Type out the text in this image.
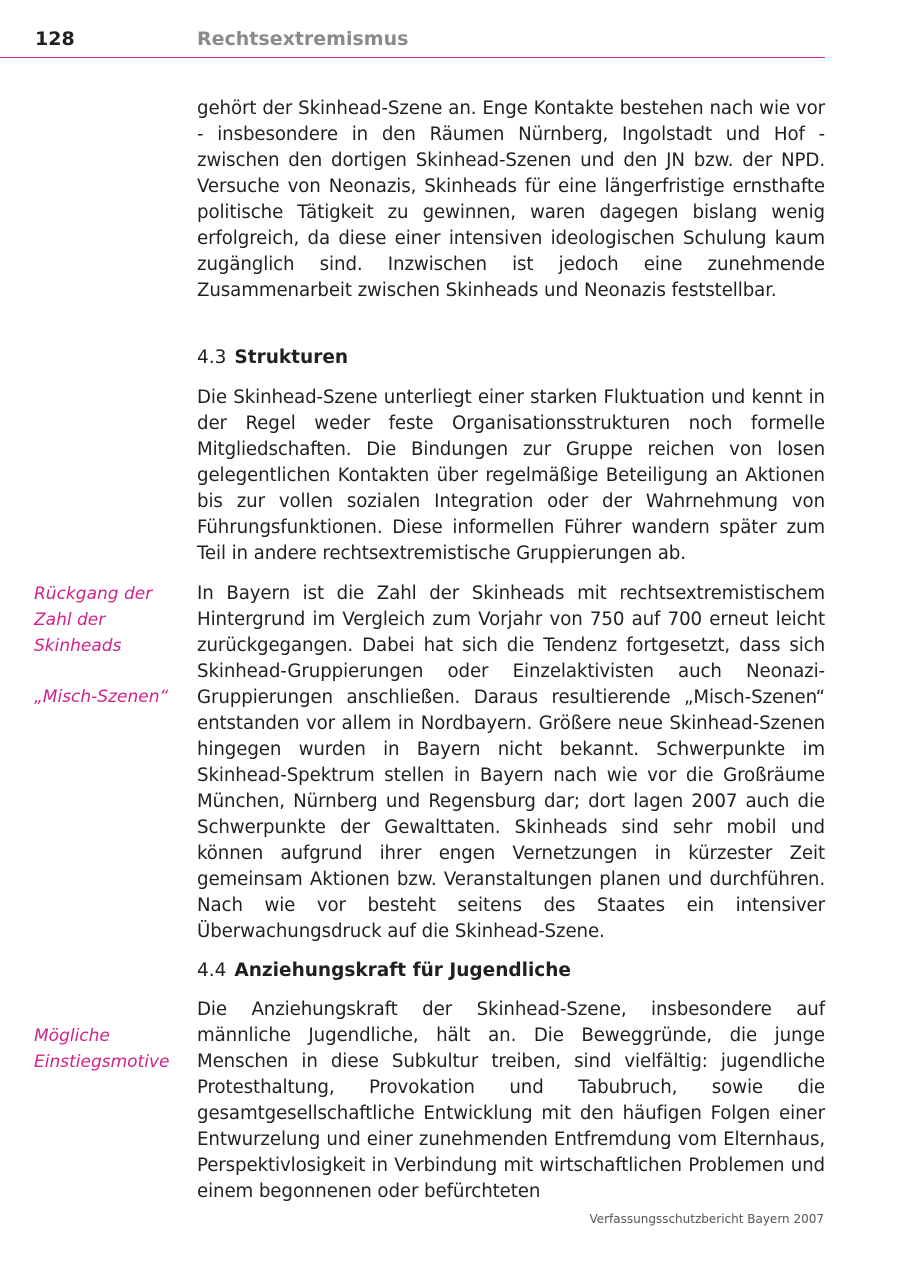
128	Rechtsextremismus

gehört der Skinhead-Szene an. Enge Kontakte bestehen nach wie vor - insbesondere in den Räumen Nürnberg, Ingolstadt und Hof - zwischen den dortigen Skinhead-Szenen und den JN bzw. der NPD. Versuche von Neonazis, Skinheads für eine längerfristige ernsthafte politische Tätigkeit zu gewinnen, waren dagegen bislang wenig erfolgreich, da diese einer intensiven ideologischen Schulung kaum zugänglich sind. Inzwischen ist jedoch eine zunehmende Zusammenarbeit zwischen Skinheads und Neonazis feststellbar.

4.3 Strukturen

Die Skinhead-Szene unterliegt einer starken Fluktuation und kennt in der Regel weder feste Organisationsstrukturen noch formelle Mitgliedschaften. Die Bindungen zur Gruppe reichen von losen gelegentlichen Kontakten über regelmäßige Beteiligung an Aktionen bis zur vollen sozialen Integration oder der Wahrnehmung von Führungsfunktionen. Diese informellen Führer wandern später zum Teil in andere rechtsextremistische Gruppierungen ab.

Rückgang der Zahl der Skinheads
„Misch-Szenen“

In Bayern ist die Zahl der Skinheads mit rechtsextremistischem Hintergrund im Vergleich zum Vorjahr von 750 auf 700 erneut leicht zurückgegangen. Dabei hat sich die Tendenz fortgesetzt, dass sich Skinhead-Gruppierungen oder Einzelaktivisten auch Neonazi-Gruppierungen anschließen. Daraus resultierende „Misch-Szenen“ entstanden vor allem in Nordbayern. Größere neue Skinhead-Szenen hingegen wurden in Bayern nicht bekannt. Schwerpunkte im Skinhead-Spektrum stellen in Bayern nach wie vor die Großräume München, Nürnberg und Regensburg dar; dort lagen 2007 auch die Schwerpunkte der Gewalttaten. Skinheads sind sehr mobil und können aufgrund ihrer engen Vernetzungen in kürzester Zeit gemeinsam Aktionen bzw. Veranstaltungen planen und durchführen. Nach wie vor besteht seitens des Staates ein intensiver Überwachungsdruck auf die Skinhead-Szene.

4.4 Anziehungskraft für Jugendliche
Mögliche Einstiegsmotive

Die Anziehungskraft der Skinhead-Szene, insbesondere auf männliche Jugendliche, hält an. Die Beweggründe, die junge Menschen in diese Subkultur treiben, sind vielfältig: jugendliche Protesthaltung, Provokation und Tabubruch, sowie die gesamtgesellschaftliche Entwicklung mit den häufigen Folgen einer Entwurzelung und einer zunehmenden Entfremdung vom Elternhaus, Perspektivlosigkeit in Verbindung mit wirtschaftlichen Problemen und einem begonnenen oder befürchteten

Verfassungsschutzbericht Bayern 2007
